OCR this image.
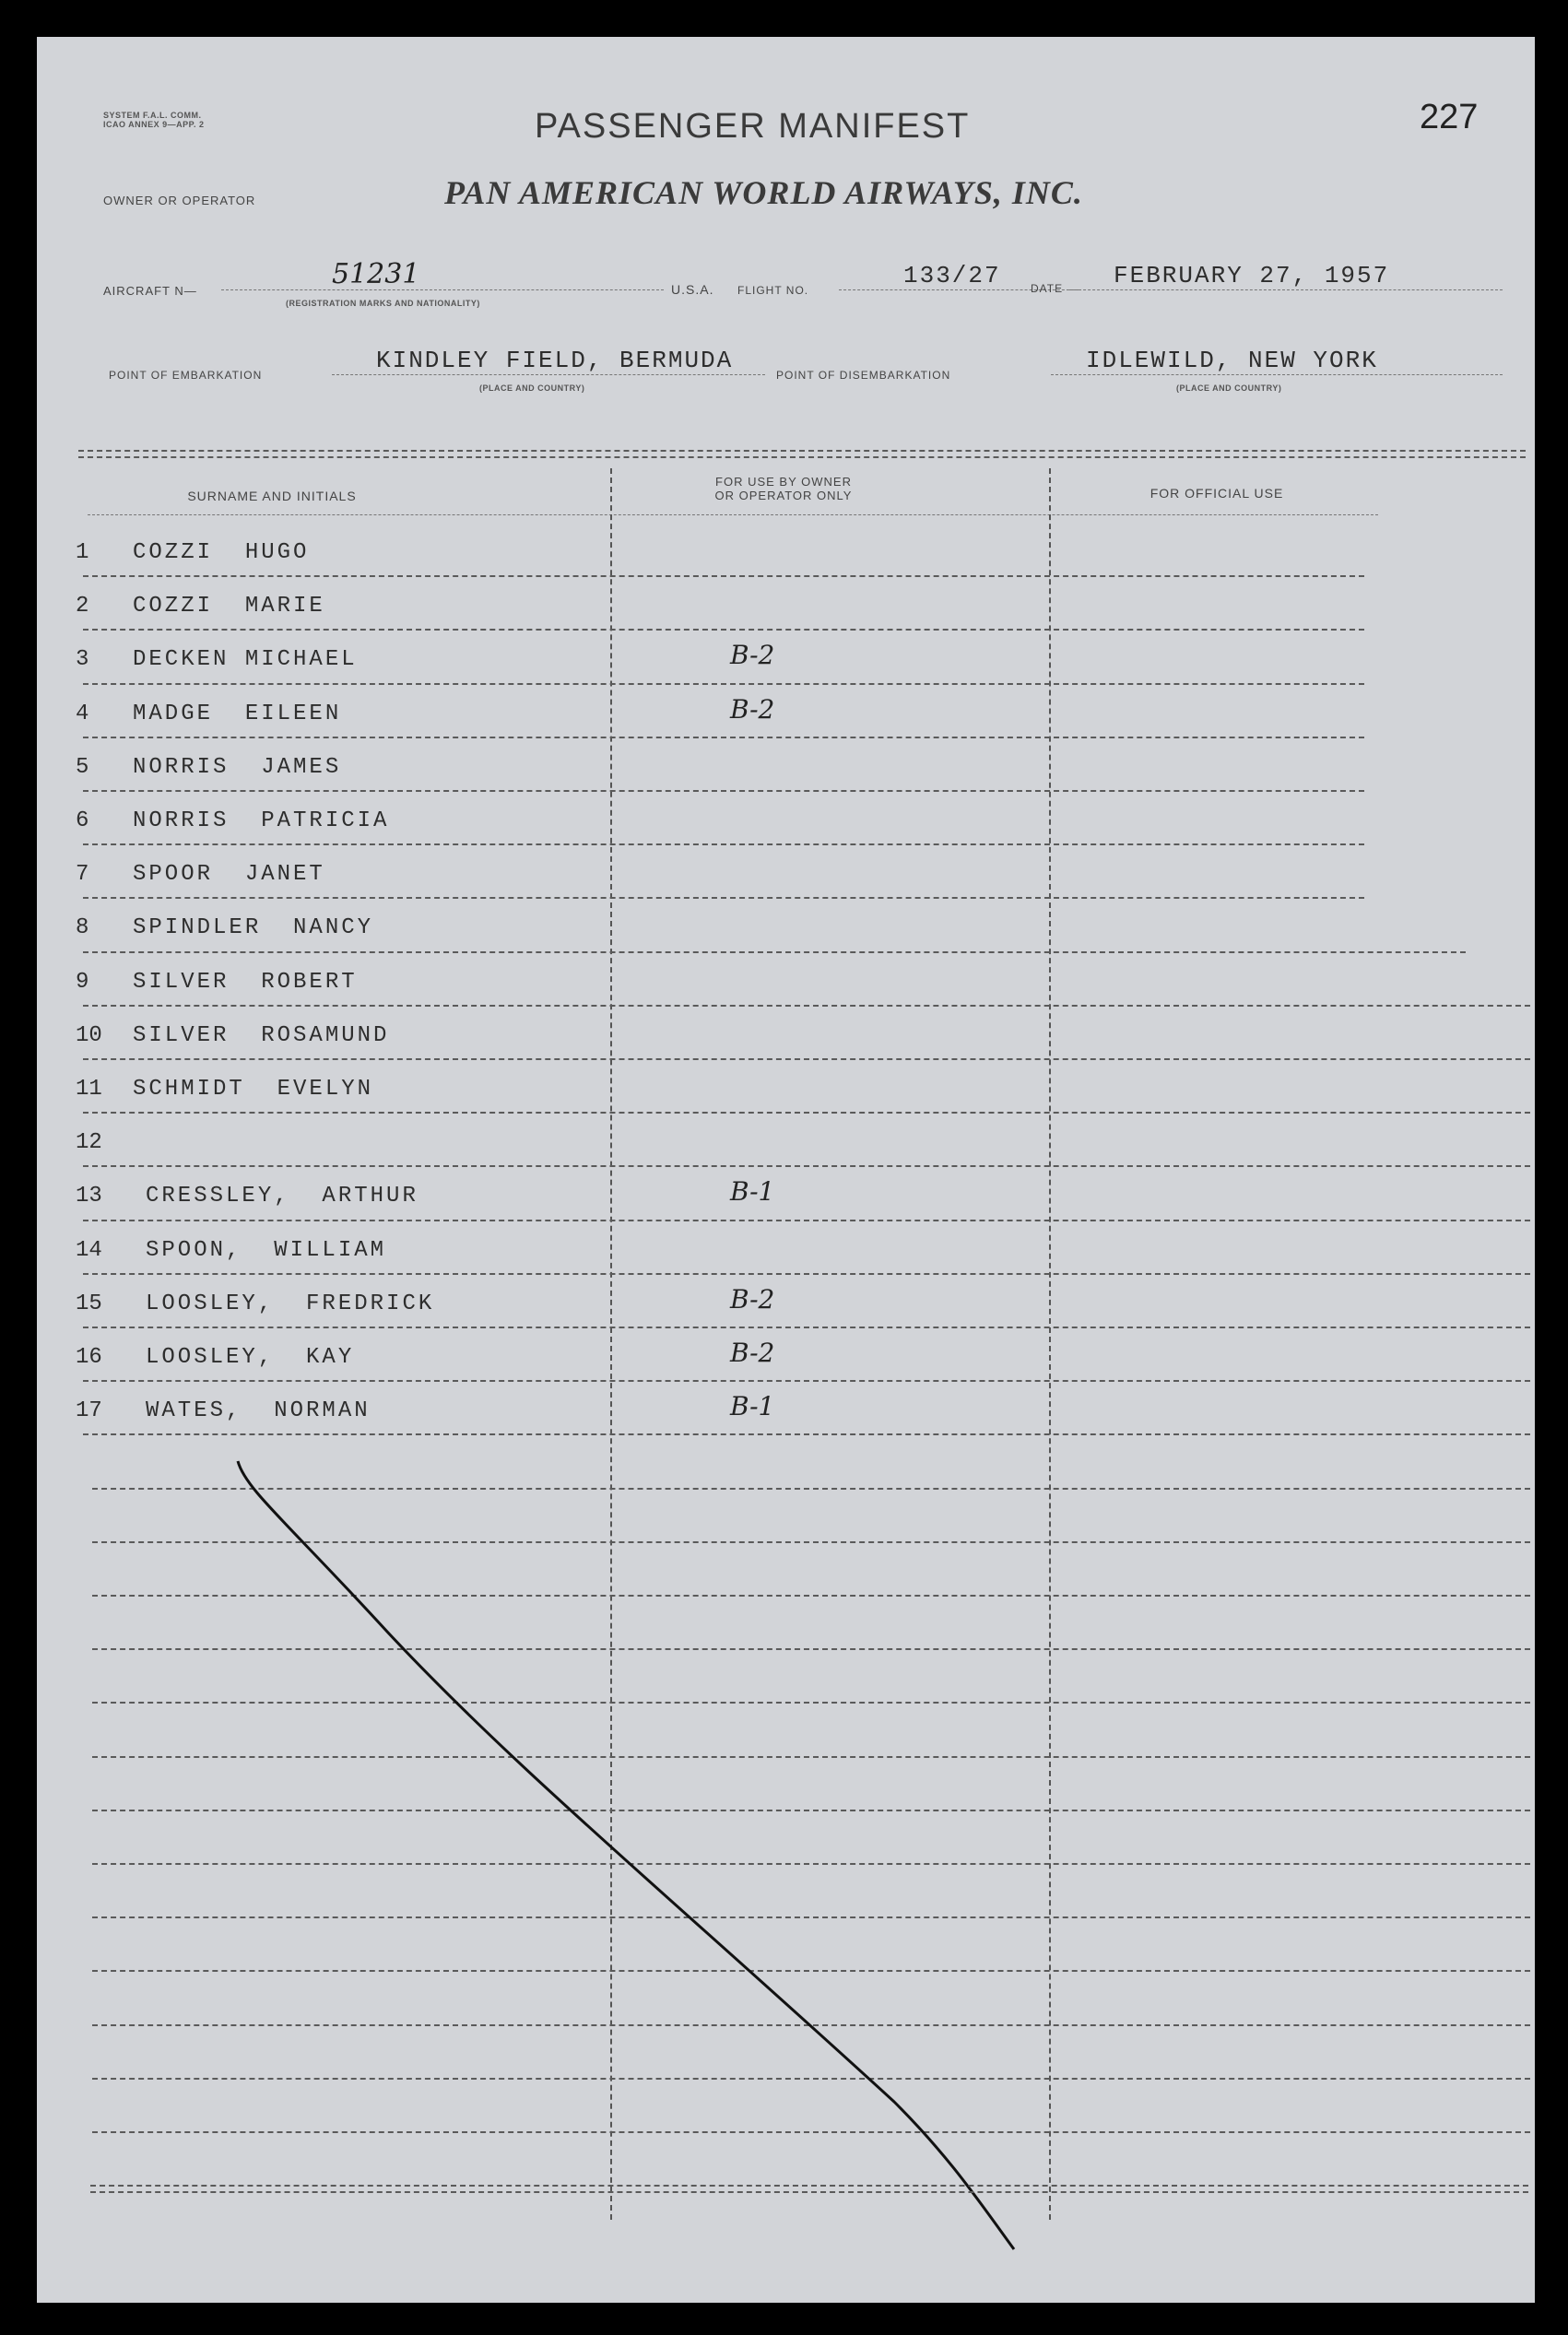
SYSTEM F.A.L. COMM.
ICAO ANNEX 9—APP. 2	PASSENGER MANIFEST	227
OWNER OR OPERATOR	PAN AMERICAN WORLD AIRWAYS, INC.
AIRCRAFT N—
51231
(REGISTRATION MARKS AND NATIONALITY)
U.S.A. FLIGHT NO.
133/27	DATE FEBRUARY 27, 1957
POINT OF EMBARKATION
KINDLEY FIELD, BERMUDA
(PLACE AND COUNTRY)
POINT OF DISEMBARKATION
IDLEWILD, NEW YORK
(PLACE AND COUNTRY)
SURNAME AND INITIALS
FOR USE BY OWNER
OR OPERATOR ONLY	FOR OFFICIAL USE
1	COZZI  HUGO
2	COZZI  MARIE
3	DECKEN MICHAEL	B-2
4	MADGE  EILEEN	B-2
5	NORRIS  JAMES
6	NORRIS  PATRICIA
7	SPOOR  JANET
8	SPINDLER  NANCY
9	SILVER  ROBERT
10	SILVER  ROSAMUND
11	SCHMIDT  EVELYN
12
13	CRESSLEY,  ARTHUR	B-1
14	SPOON,  WILLIAM
15	LOOSLEY,  FREDRICK	B-2
16	LOOSLEY,  KAY	B-2
17	WATES,  NORMAN	B-1
